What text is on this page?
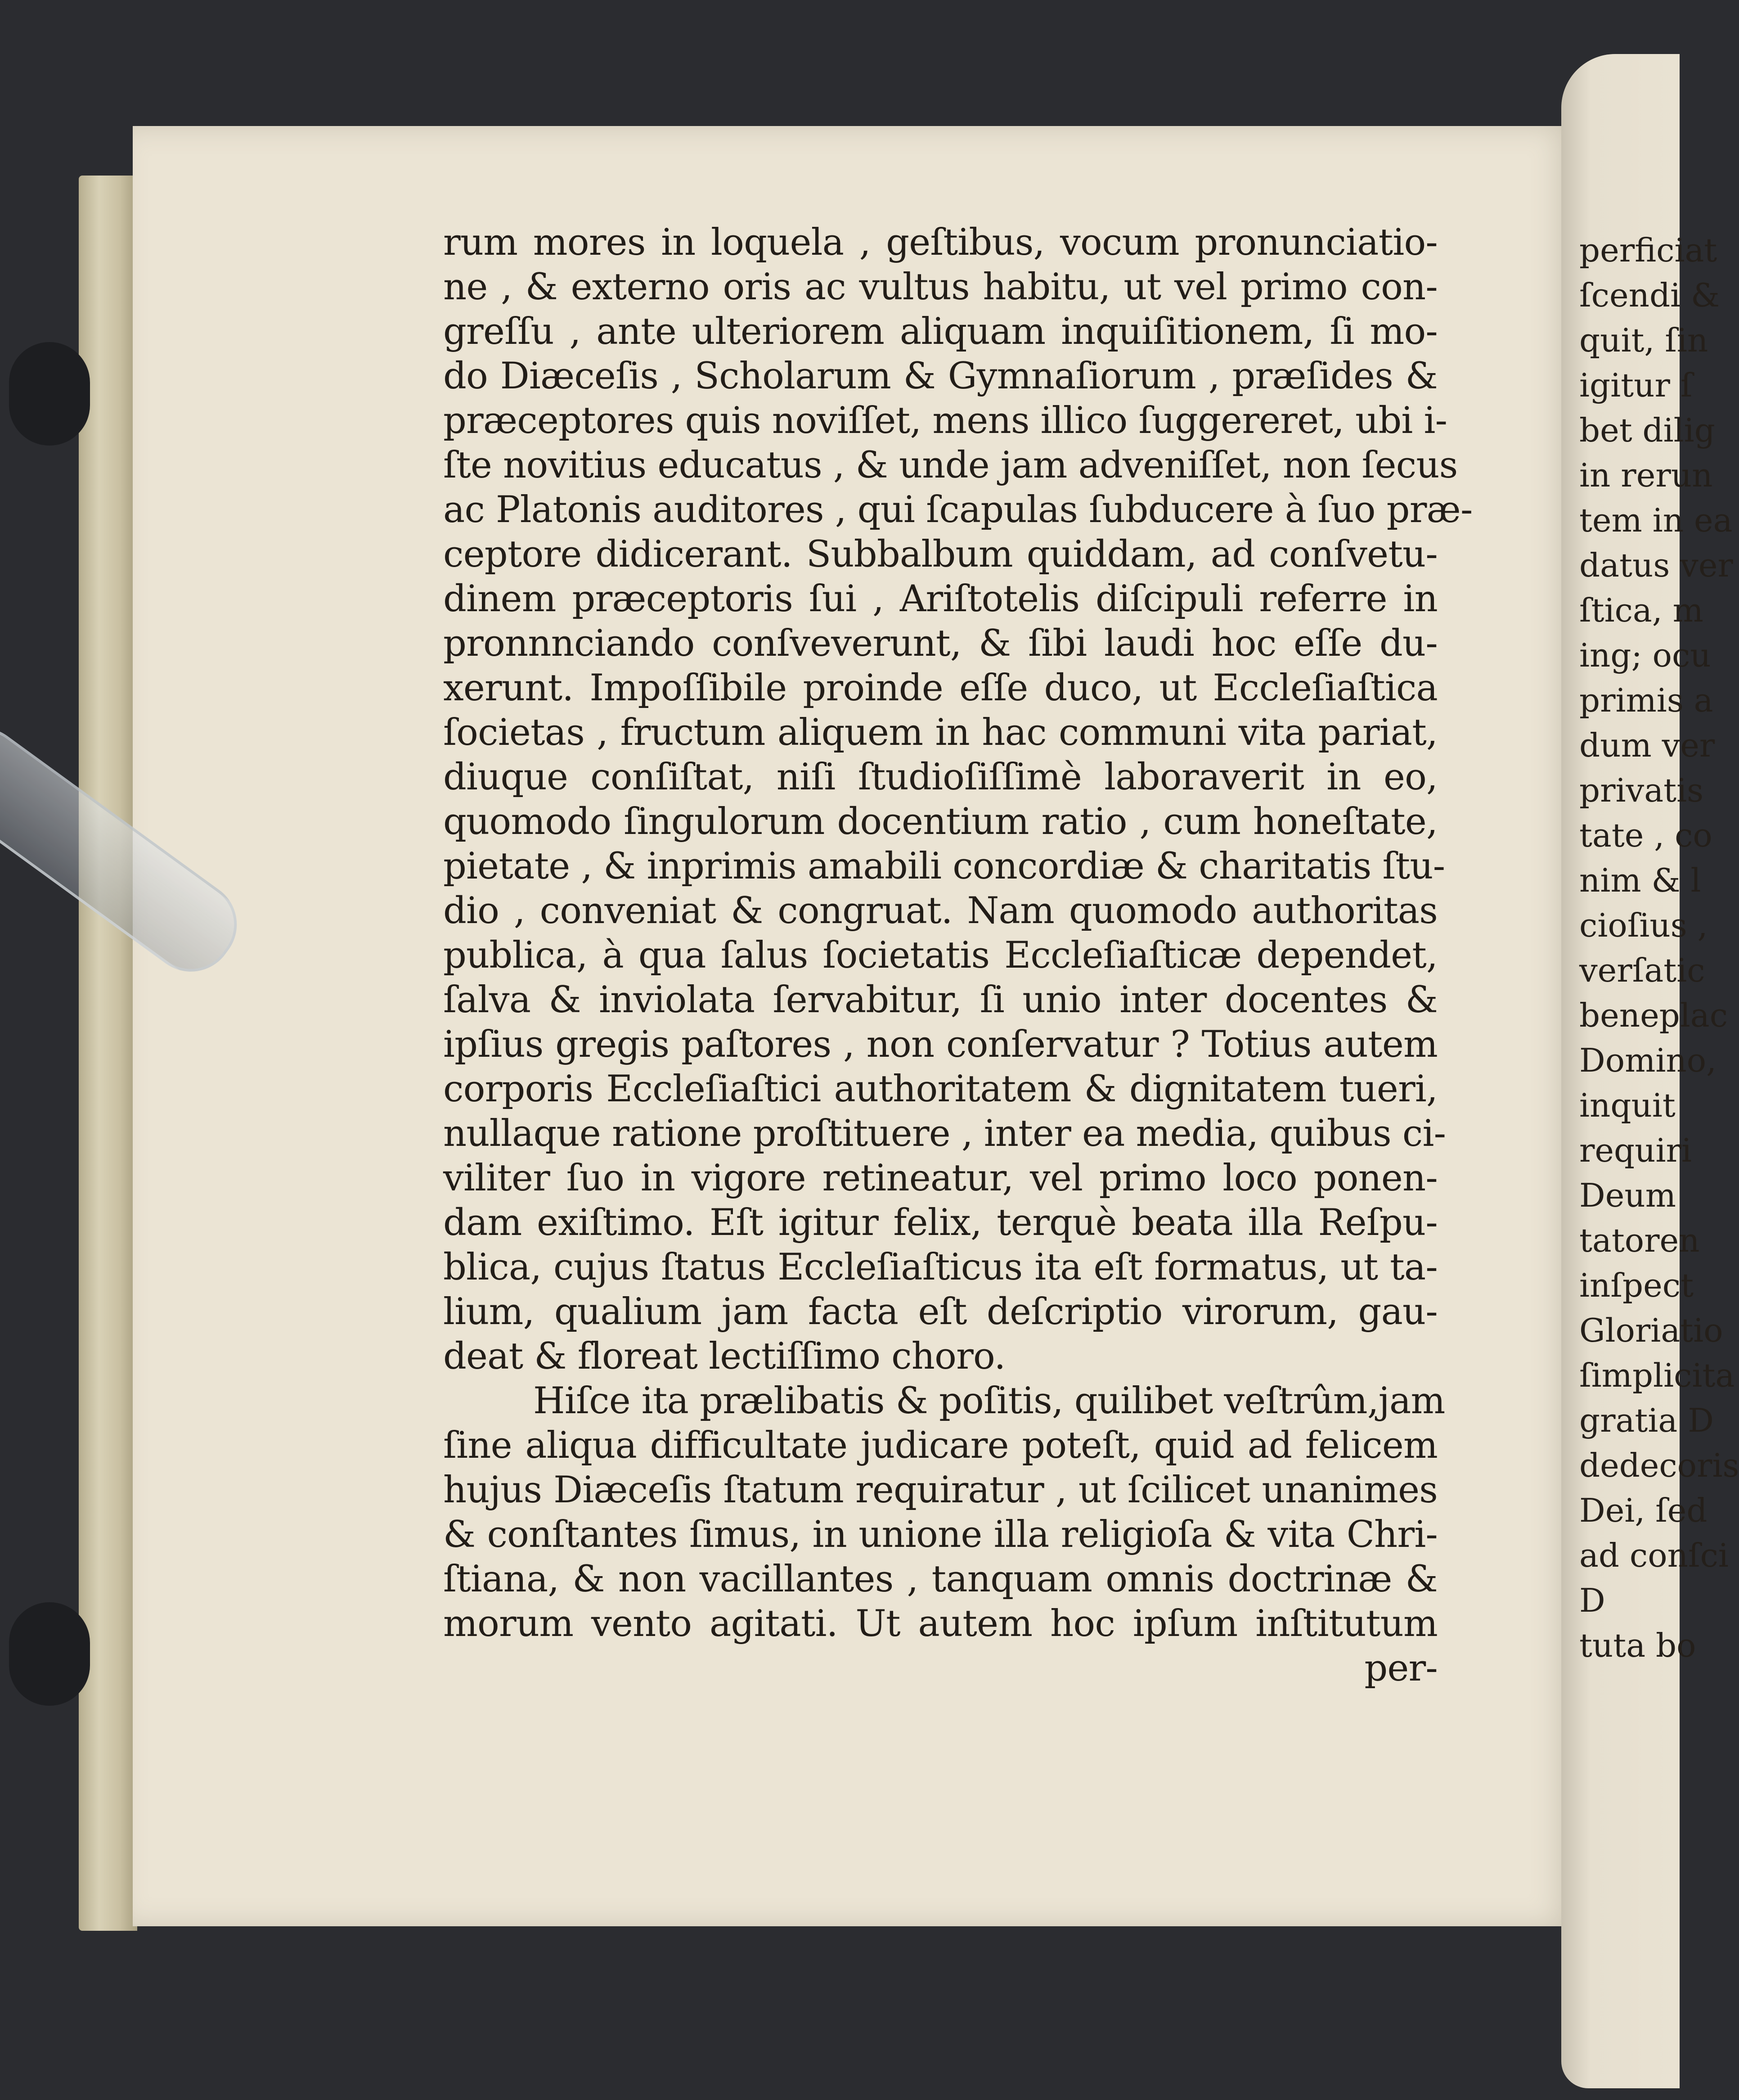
perficiat
ſcendi &
quit, ſin
igitur ſ
bet dilig
in rerun
tem in ea
datus ver
ſtica, m
ing; ocu
primis a
dum ver
privatis
tate , co
nim & l
cioſius ,
verſatic
beneplac
Domino,
inquit
requiri
Deum
tatoren
inſpect
Gloriatio
ſimplicita
gratia D
dedecoris
Dei, ſed
ad conſci
D
tuta bo
rum mores in loquela , geſtibus, vocum pronunciatio-
ne , & externo oris ac vultus habitu, ut vel primo con-
greſſu , ante ulteriorem aliquam inquiſitionem, ſi mo-
do Diæceſis , Scholarum & Gymnaſiorum , præſides &
præceptores quis noviſſet, mens illico ſuggereret, ubi i-
ſte novitius educatus , & unde jam adveniſſet, non ſecus
ac Platonis auditores , qui ſcapulas ſubducere à ſuo præ-
ceptore didicerant. Subbalbum quiddam, ad conſvetu-
dinem præceptoris ſui , Ariſtotelis diſcipuli referre in
pronnnciando conſveverunt, & ſibi laudi hoc eſſe du-
xerunt. Impoſſibile proinde eſſe duco, ut Eccleſiaſtica
ſocietas , fructum aliquem in hac communi vita pariat,
diuque conſiſtat, niſi ſtudioſiſſimè laboraverit in eo,
quomodo ſingulorum docentium ratio , cum honeſtate,
pietate , & inprimis amabili concordiæ & charitatis ſtu-
dio , conveniat & congruat. Nam quomodo authoritas
publica, à qua ſalus ſocietatis Eccleſiaſticæ dependet,
ſalva & inviolata ſervabitur, ſi unio inter docentes &
ipſius gregis paſtores , non conſervatur ? Totius autem
corporis Eccleſiaſtici authoritatem & dignitatem tueri,
nullaque ratione proſtituere , inter ea media, quibus ci-
viliter ſuo in vigore retineatur, vel primo loco ponen-
dam exiſtimo. Eſt igitur felix, terquè beata illa Reſpu-
blica, cujus ſtatus Eccleſiaſticus ita eſt formatus, ut ta-
lium, qualium jam facta eſt deſcriptio virorum, gau-
deat & floreat lectiſſimo choro.
Hiſce ita prælibatis & poſitis, quilibet veſtrûm,jam
ſine aliqua difficultate judicare poteſt, quid ad felicem
hujus Diæceſis ſtatum requiratur , ut ſcilicet unanimes
& conſtantes ſimus, in unione illa religioſa & vita Chri-
ſtiana, & non vacillantes , tanquam omnis doctrinæ &
morum vento agitati. Ut autem hoc ipſum inſtitutum
per-
